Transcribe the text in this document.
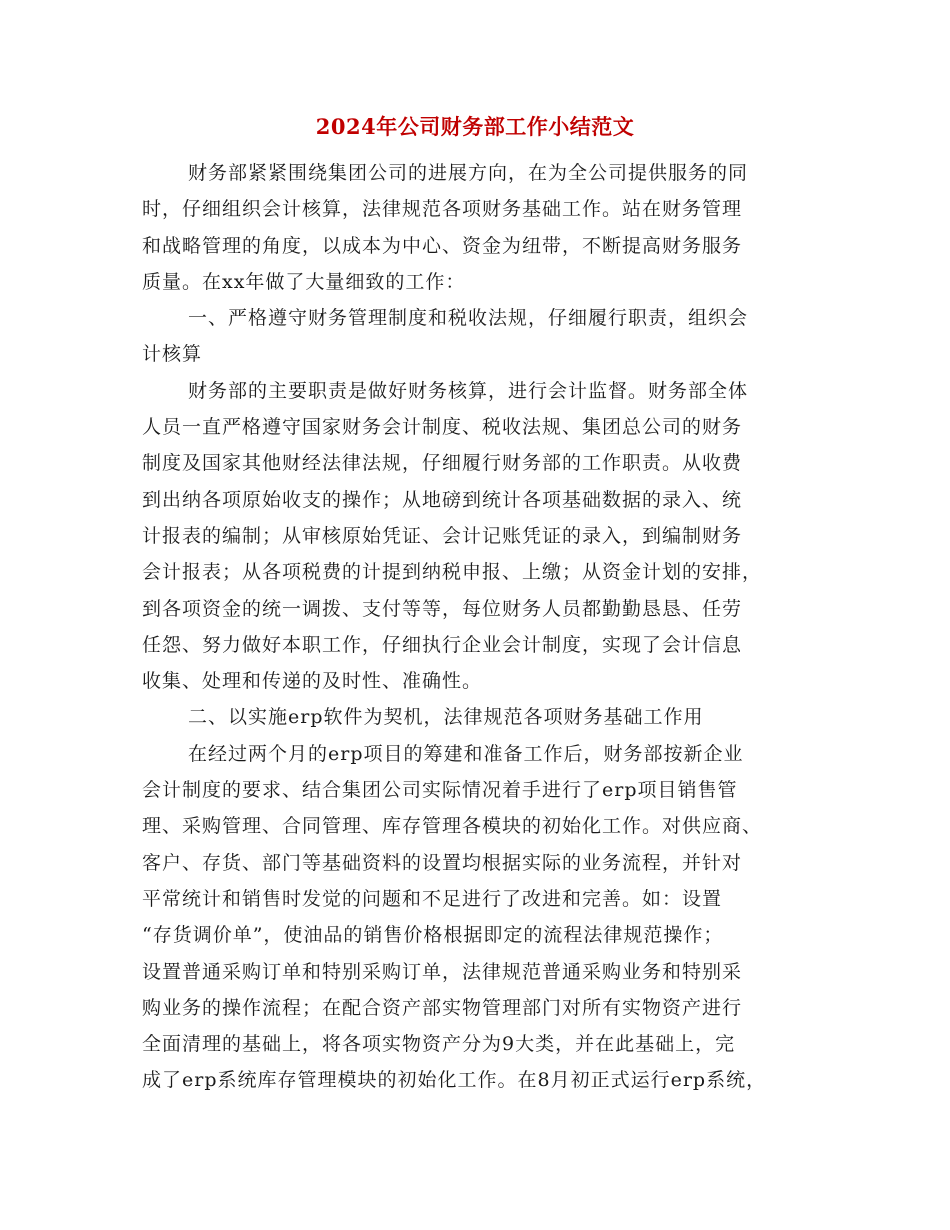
2024年公司财务部工作小结范文
财务部紧紧围绕集团公司的进展方向，在为全公司提供服务的同
时，仔细组织会计核算，法律规范各项财务基础工作。站在财务管理
和战略管理的角度，以成本为中心、资金为纽带，不断提高财务服务
质量。在xx年做了大量细致的工作：
一、严格遵守财务管理制度和税收法规，仔细履行职责，组织会
计核算
财务部的主要职责是做好财务核算，进行会计监督。财务部全体
人员一直严格遵守国家财务会计制度、税收法规、集团总公司的财务
制度及国家其他财经法律法规，仔细履行财务部的工作职责。从收费
到出纳各项原始收支的操作；从地磅到统计各项基础数据的录入、统
计报表的编制；从审核原始凭证、会计记账凭证的录入，到编制财务
会计报表；从各项税费的计提到纳税申报、上缴；从资金计划的安排，
到各项资金的统一调拨、支付等等，每位财务人员都勤勤恳恳、任劳
任怨、努力做好本职工作，仔细执行企业会计制度，实现了会计信息
收集、处理和传递的及时性、准确性。
二、以实施erp软件为契机，法律规范各项财务基础工作用
在经过两个月的erp项目的筹建和准备工作后，财务部按新企业
会计制度的要求、结合集团公司实际情况着手进行了erp项目销售管
理、采购管理、合同管理、库存管理各模块的初始化工作。对供应商、
客户、存货、部门等基础资料的设置均根据实际的业务流程，并针对
平常统计和销售时发觉的问题和不足进行了改进和完善。如：设置
“存货调价单”，使油品的销售价格根据即定的流程法律规范操作；
设置普通采购订单和特别采购订单，法律规范普通采购业务和特别采
购业务的操作流程；在配合资产部实物管理部门对所有实物资产进行
全面清理的基础上，将各项实物资产分为9大类，并在此基础上，完
成了erp系统库存管理模块的初始化工作。在8月初正式运行erp系统，
